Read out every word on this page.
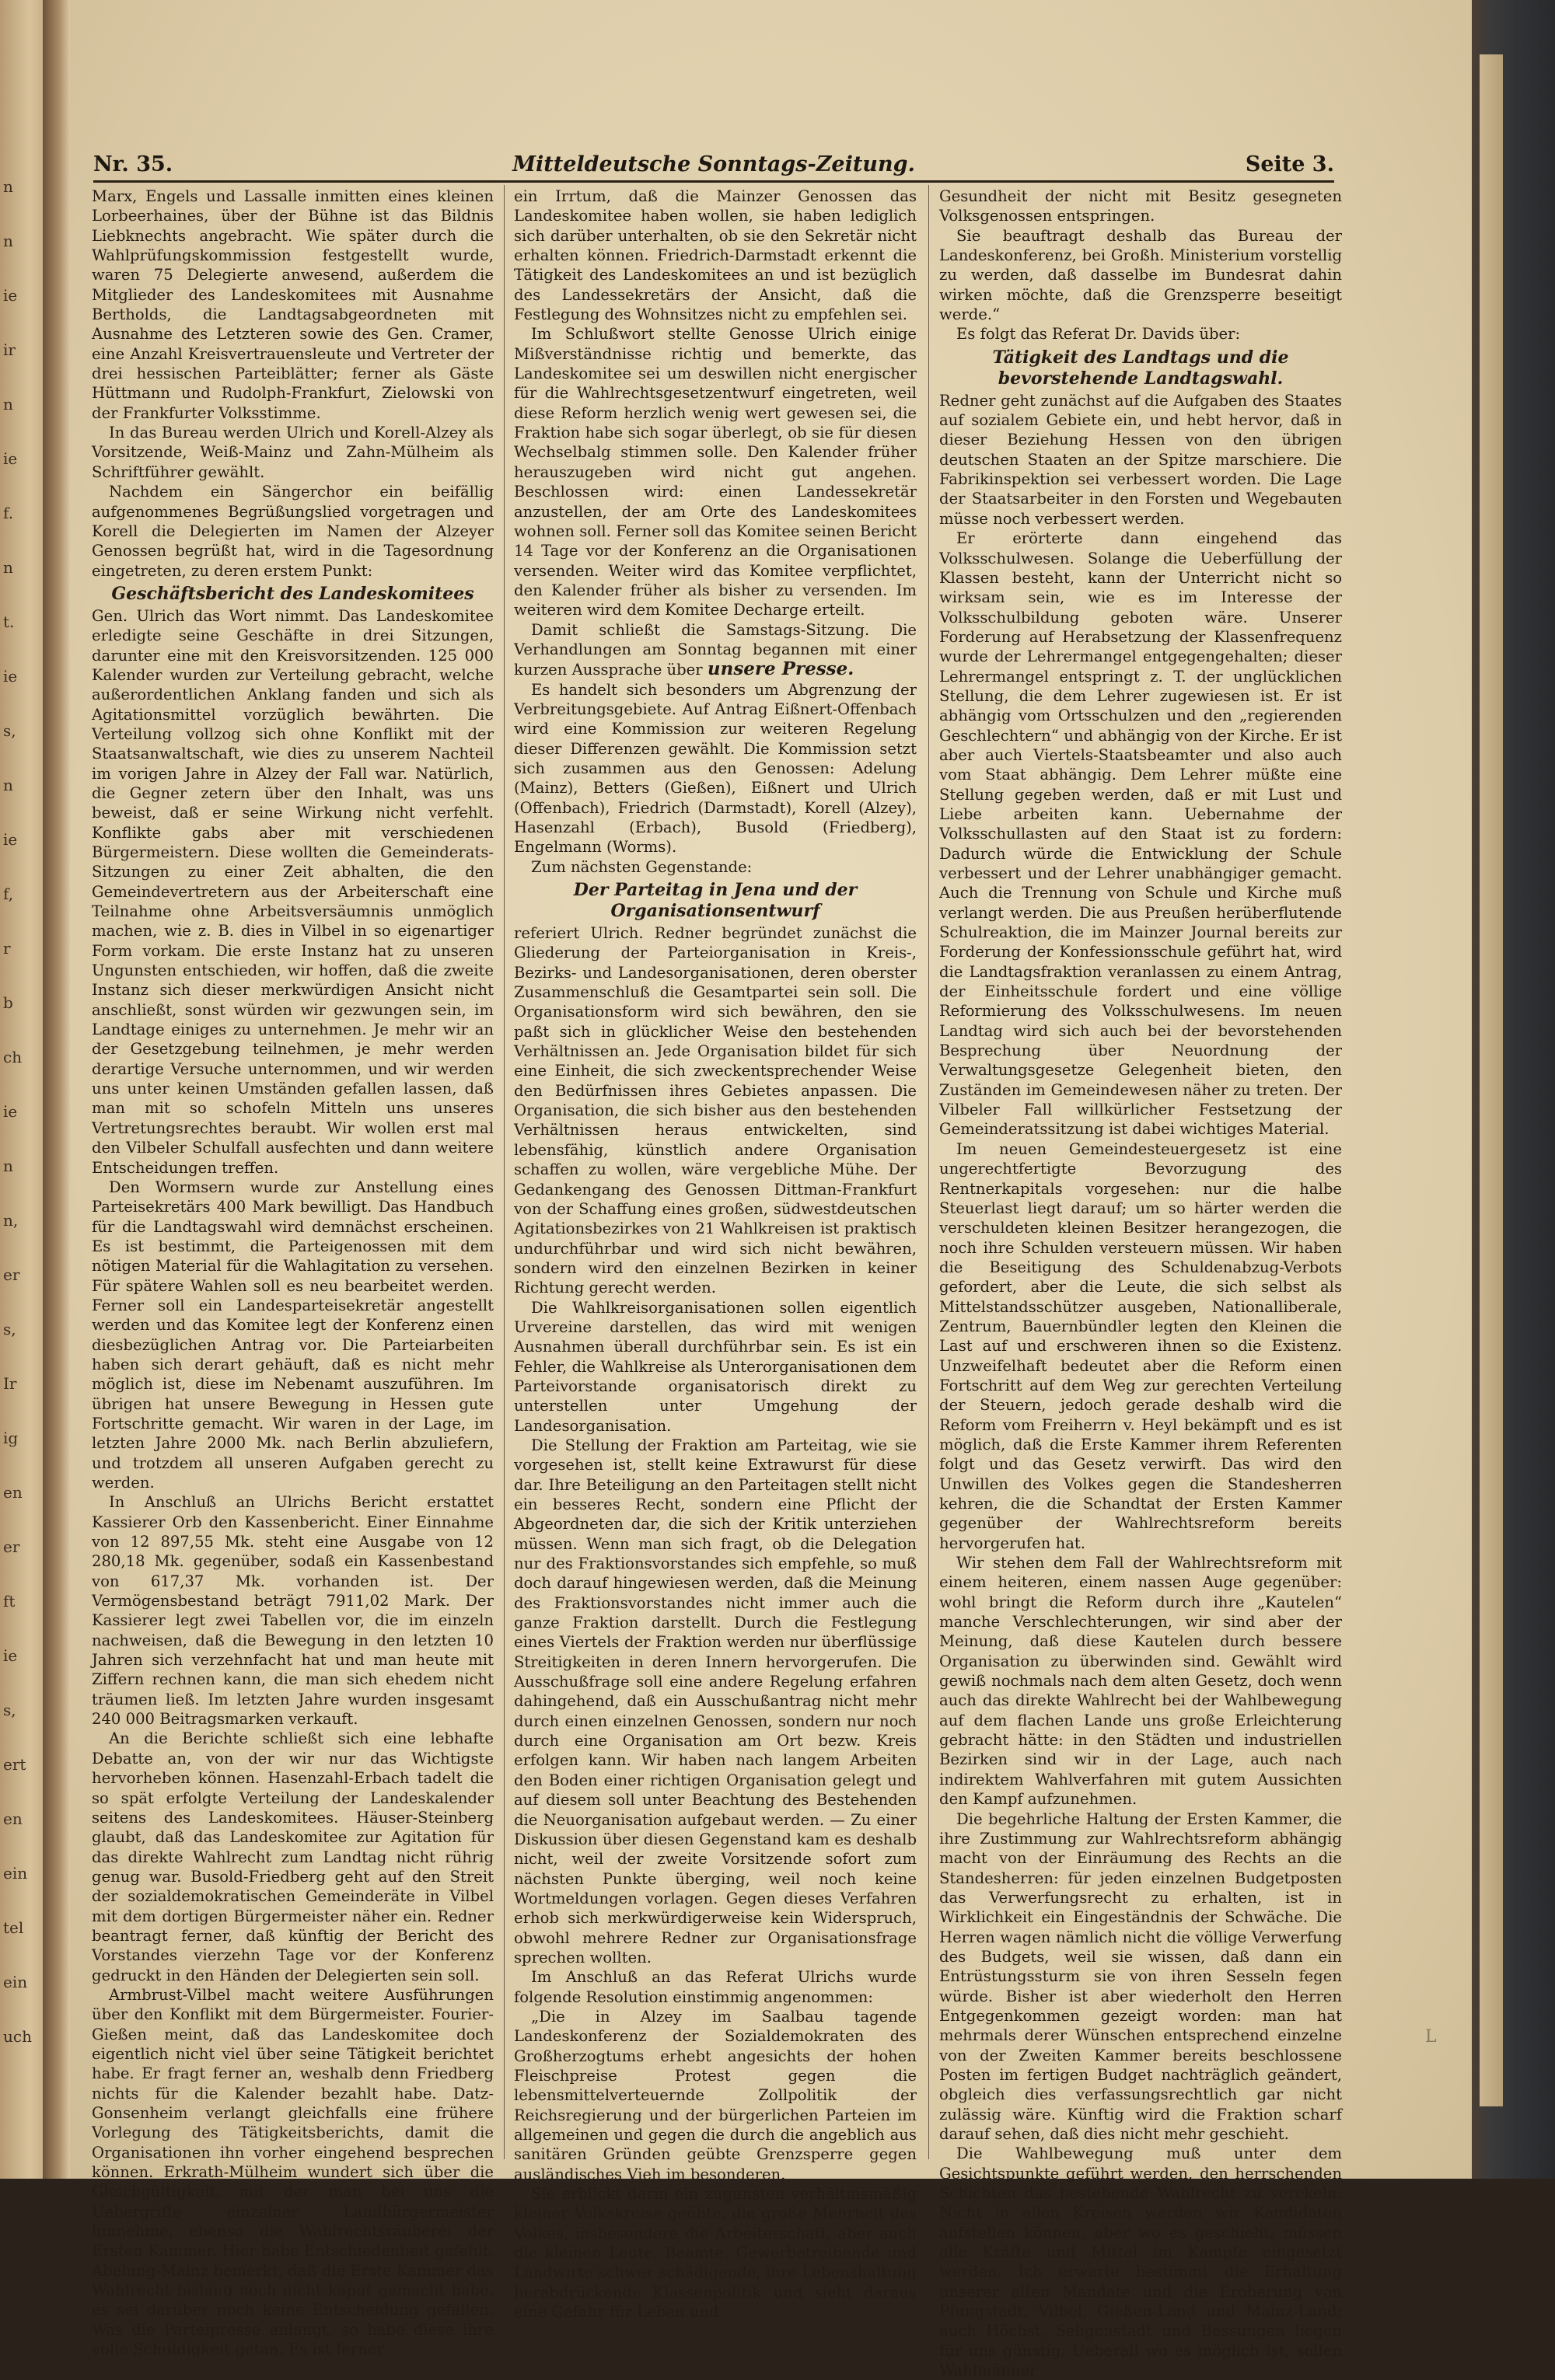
n
n
ie
ir
n
ie
f.
n
t.
ie
s,
n
ie
f,
r
b
ch
ie
n
n,
er
s,
Ir
ig
en
er
ft
ie
s,
ert
en
ein
tel
ein
uch
Nr. 35.	Mitteldeutsche Sonntags-Zeitung.	Seite 3.

Marx, Engels und Lassalle inmitten eines kleinen Lorbeerhaines, über der Bühne ist das Bildnis Liebknechts angebracht. Wie später durch die Wahlprüfungskommission festgestellt wurde, waren 75 Delegierte anwesend, außerdem die Mitglieder des Landeskomitees mit Ausnahme Bertholds, die Landtagsabgeordneten mit Ausnahme des Letzteren sowie des Gen. Cramer, eine Anzahl Kreisvertrauensleute und Vertreter der drei hessischen Parteiblätter; ferner als Gäste Hüttmann und Rudolph-Frankfurt, Zielowski von der Frankfurter Volksstimme.

In das Bureau werden Ulrich und Korell-Alzey als Vorsitzende, Weiß-Mainz und Zahn-Mülheim als Schriftführer gewählt.

Nachdem ein Sängerchor ein beifällig aufgenommenes Begrüßungslied vorgetragen und Korell die Delegierten im Namen der Alzeyer Genossen begrüßt hat, wird in die Tagesordnung eingetreten, zu deren erstem Punkt:

Geschäftsbericht des Landeskomitees

Gen. Ulrich das Wort nimmt. Das Landeskomitee erledigte seine Geschäfte in drei Sitzungen, darunter eine mit den Kreisvorsitzenden. 125 000 Kalender wurden zur Verteilung gebracht, welche außerordentlichen Anklang fanden und sich als Agitationsmittel vorzüglich bewährten. Die Verteilung vollzog sich ohne Konflikt mit der Staatsanwaltschaft, wie dies zu unserem Nachteil im vorigen Jahre in Alzey der Fall war. Natürlich, die Gegner zetern über den Inhalt, was uns beweist, daß er seine Wirkung nicht verfehlt. Konflikte gabs aber mit verschiedenen Bürgermeistern. Diese wollten die Gemeinderats-Sitzungen zu einer Zeit abhalten, die den Gemeindevertretern aus der Arbeiterschaft eine Teilnahme ohne Arbeitsversäumnis unmöglich machen, wie z. B. dies in Vilbel in so eigenartiger Form vorkam. Die erste Instanz hat zu unseren Ungunsten entschieden, wir hoffen, daß die zweite Instanz sich dieser merkwürdigen Ansicht nicht anschließt, sonst würden wir gezwungen sein, im Landtage einiges zu unternehmen. Je mehr wir an der Gesetzgebung teilnehmen, je mehr werden derartige Versuche unternommen, und wir werden uns unter keinen Umständen gefallen lassen, daß man mit so schofeln Mitteln uns unseres Vertretungsrechtes beraubt. Wir wollen erst mal den Vilbeler Schulfall ausfechten und dann weitere Entscheidungen treffen.

Den Wormsern wurde zur Anstellung eines Parteisekretärs 400 Mark bewilligt. Das Handbuch für die Landtagswahl wird demnächst erscheinen. Es ist bestimmt, die Parteigenossen mit dem nötigen Material für die Wahlagitation zu versehen. Für spätere Wahlen soll es neu bearbeitet werden. Ferner soll ein Landesparteisekretär angestellt werden und das Komitee legt der Konferenz einen diesbezüglichen Antrag vor. Die Parteiarbeiten haben sich derart gehäuft, daß es nicht mehr möglich ist, diese im Nebenamt auszuführen. Im übrigen hat unsere Bewegung in Hessen gute Fortschritte gemacht. Wir waren in der Lage, im letzten Jahre 2000 Mk. nach Berlin abzuliefern, und trotzdem all unseren Aufgaben gerecht zu werden.

In Anschluß an Ulrichs Bericht erstattet Kassierer Orb den Kassenbericht. Einer Einnahme von 12 897,55 Mk. steht eine Ausgabe von 12 280,18 Mk. gegenüber, sodaß ein Kassenbestand von 617,37 Mk. vorhanden ist. Der Vermögensbestand beträgt 7911,02 Mark. Der Kassierer legt zwei Tabellen vor, die im einzeln nachweisen, daß die Bewegung in den letzten 10 Jahren sich verzehnfacht hat und man heute mit Ziffern rechnen kann, die man sich ehedem nicht träumen ließ. Im letzten Jahre wurden insgesamt 240 000 Beitragsmarken verkauft.

An die Berichte schließt sich eine lebhafte Debatte an, von der wir nur das Wichtigste hervorheben können. Hasenzahl-Erbach tadelt die so spät erfolgte Verteilung der Landeskalender seitens des Landeskomitees. Häuser-Steinberg glaubt, daß das Landeskomitee zur Agitation für das direkte Wahlrecht zum Landtag nicht rührig genug war. Busold-Friedberg geht auf den Streit der sozialdemokratischen Gemeinderäte in Vilbel mit dem dortigen Bürgermeister näher ein. Redner beantragt ferner, daß künftig der Bericht des Vorstandes vierzehn Tage vor der Konferenz gedruckt in den Händen der Delegierten sein soll.

Armbrust-Vilbel macht weitere Ausführungen über den Konflikt mit dem Bürgermeister. Fourier-Gießen meint, daß das Landeskomitee doch eigentlich nicht viel über seine Tätigkeit berichtet habe. Er fragt ferner an, weshalb denn Friedberg nichts für die Kalender bezahlt habe. Datz-Gonsenheim verlangt gleichfalls eine frühere Vorlegung des Tätigkeitsberichts, damit die Organisationen ihn vorher eingehend besprechen können. Erkrath-Mülheim wundert sich über die Gleichgültigkeit, mit der man bei uns die Uebergriffe einzelner Landbürgermeister hinnehme, ebenso die Wahlrechtsräuberei der Ersten Kammer. Hier habe Entschiedenheit gefehlt. Abelung-Mainz bemerkt, daß die Erste Kammer das Wahlrecht bislang noch nicht kaput gemacht habe, es sei darüber noch keine Entscheidung gefallen. Was die Parteipresse anlangt, so habe diese ihre volle Schuldigkeit getan. Es ist ferner

ein Irrtum, daß die Mainzer Genossen das Landeskomitee haben wollen, sie haben lediglich sich darüber unterhalten, ob sie den Sekretär nicht erhalten können. Friedrich-Darmstadt erkennt die Tätigkeit des Landeskomitees an und ist bezüglich des Landessekretärs der Ansicht, daß die Festlegung des Wohnsitzes nicht zu empfehlen sei.

Im Schlußwort stellte Genosse Ulrich einige Mißverständnisse richtig und bemerkte, das Landeskomitee sei um deswillen nicht energischer für die Wahlrechtsgesetzentwurf eingetreten, weil diese Reform herzlich wenig wert gewesen sei, die Fraktion habe sich sogar überlegt, ob sie für diesen Wechselbalg stimmen solle. Den Kalender früher herauszugeben wird nicht gut angehen. Beschlossen wird: einen Landessekretär anzustellen, der am Orte des Landeskomitees wohnen soll. Ferner soll das Komitee seinen Bericht 14 Tage vor der Konferenz an die Organisationen versenden. Weiter wird das Komitee verpflichtet, den Kalender früher als bisher zu versenden. Im weiteren wird dem Komitee Decharge erteilt.

Damit schließt die Samstags-Sitzung. Die Verhandlungen am Sonntag begannen mit einer kurzen Aussprache über unsere Presse.

Es handelt sich besonders um Abgrenzung der Verbreitungsgebiete. Auf Antrag Eißnert-Offenbach wird eine Kommission zur weiteren Regelung dieser Differenzen gewählt. Die Kommission setzt sich zusammen aus den Genossen: Adelung (Mainz), Betters (Gießen), Eißnert und Ulrich (Offenbach), Friedrich (Darmstadt), Korell (Alzey), Hasenzahl (Erbach), Busold (Friedberg), Engelmann (Worms).

Zum nächsten Gegenstande:

Der Parteitag in Jena und der Organisationsentwurf

referiert Ulrich. Redner begründet zunächst die Gliederung der Parteiorganisation in Kreis-, Bezirks- und Landesorganisationen, deren oberster Zusammenschluß die Gesamtpartei sein soll. Die Organisationsform wird sich bewähren, den sie paßt sich in glücklicher Weise den bestehenden Verhältnissen an. Jede Organisation bildet für sich eine Einheit, die sich zweckentsprechender Weise den Bedürfnissen ihres Gebietes anpassen. Die Organisation, die sich bisher aus den bestehenden Verhältnissen heraus entwickelten, sind lebensfähig, künstlich andere Organisation schaffen zu wollen, wäre vergebliche Mühe. Der Gedankengang des Genossen Dittman-Frankfurt von der Schaffung eines großen, südwestdeutschen Agitationsbezirkes von 21 Wahlkreisen ist praktisch undurchführbar und wird sich nicht bewähren, sondern wird den einzelnen Bezirken in keiner Richtung gerecht werden.

Die Wahlkreisorganisationen sollen eigentlich Urvereine darstellen, das wird mit wenigen Ausnahmen überall durchführbar sein. Es ist ein Fehler, die Wahlkreise als Unterorganisationen dem Parteivorstande organisatorisch direkt zu unterstellen unter Umgehung der Landesorganisation.

Die Stellung der Fraktion am Parteitag, wie sie vorgesehen ist, stellt keine Extrawurst für diese dar. Ihre Beteiligung an den Parteitagen stellt nicht ein besseres Recht, sondern eine Pflicht der Abgeordneten dar, die sich der Kritik unterziehen müssen. Wenn man sich fragt, ob die Delegation nur des Fraktionsvorstandes sich empfehle, so muß doch darauf hingewiesen werden, daß die Meinung des Fraktionsvorstandes nicht immer auch die ganze Fraktion darstellt. Durch die Festlegung eines Viertels der Fraktion werden nur überflüssige Streitigkeiten in deren Innern hervorgerufen. Die Ausschußfrage soll eine andere Regelung erfahren dahingehend, daß ein Ausschußantrag nicht mehr durch einen einzelnen Genossen, sondern nur noch durch eine Organisation am Ort bezw. Kreis erfolgen kann. Wir haben nach langem Arbeiten den Boden einer richtigen Organisation gelegt und auf diesem soll unter Beachtung des Bestehenden die Neuorganisation aufgebaut werden. — Zu einer Diskussion über diesen Gegenstand kam es deshalb nicht, weil der zweite Vorsitzende sofort zum nächsten Punkte überging, weil noch keine Wortmeldungen vorlagen. Gegen dieses Verfahren erhob sich merkwürdigerweise kein Widerspruch, obwohl mehrere Redner zur Organisationsfrage sprechen wollten.

Im Anschluß an das Referat Ulrichs wurde folgende Resolution einstimmig angenommen:

„Die in Alzey im Saalbau tagende Landeskonferenz der Sozialdemokraten des Großherzogtums erhebt angesichts der hohen Fleischpreise Protest gegen die lebensmittelverteuernde Zollpolitik der Reichsregierung und der bürgerlichen Parteien im allgemeinen und gegen die durch die angeblich aus sanitären Gründen geübte Grenzsperre gegen ausländisches Vieh im besonderen.

Sie erblickt darin ein zugunsten verhältnismäßig kleiner Volkskreise geübte, die große Mehrheit des Volkes, insbesondere die Arbeiterschaft, aber auch die kleinen Leute, Beamte, Gewerbetreibende und Landwirte schwer schädigende, ihre Lebenshaltung herabdrückende Klassenpolitik und sieht daraus eine Gefahr für Leben und

Gesundheit der nicht mit Besitz gesegneten Volksgenossen entspringen.

Sie beauftragt deshalb das Bureau der Landeskonferenz, bei Großh. Ministerium vorstellig zu werden, daß dasselbe im Bundesrat dahin wirken möchte, daß die Grenzsperre beseitigt werde.“

Es folgt das Referat Dr. Davids über:

Tätigkeit des Landtags und die bevorstehende Landtagswahl.

Redner geht zunächst auf die Aufgaben des Staates auf sozialem Gebiete ein, und hebt hervor, daß in dieser Beziehung Hessen von den übrigen deutschen Staaten an der Spitze marschiere. Die Fabrikinspektion sei verbessert worden. Die Lage der Staatsarbeiter in den Forsten und Wegebauten müsse noch verbessert werden.

Er erörterte dann eingehend das Volksschulwesen. Solange die Ueberfüllung der Klassen besteht, kann der Unterricht nicht so wirksam sein, wie es im Interesse der Volksschulbildung geboten wäre. Unserer Forderung auf Herabsetzung der Klassenfrequenz wurde der Lehrermangel entgegengehalten; dieser Lehrermangel entspringt z. T. der unglücklichen Stellung, die dem Lehrer zugewiesen ist. Er ist abhängig vom Ortsschulzen und den „regierenden Geschlechtern“ und abhängig von der Kirche. Er ist aber auch Viertels-Staatsbeamter und also auch vom Staat abhängig. Dem Lehrer müßte eine Stellung gegeben werden, daß er mit Lust und Liebe arbeiten kann. Uebernahme der Volksschullasten auf den Staat ist zu fordern: Dadurch würde die Entwicklung der Schule verbessert und der Lehrer unabhängiger gemacht. Auch die Trennung von Schule und Kirche muß verlangt werden. Die aus Preußen herüberflutende Schulreaktion, die im Mainzer Journal bereits zur Forderung der Konfessionsschule geführt hat, wird die Landtagsfraktion veranlassen zu einem Antrag, der Einheitsschule fordert und eine völlige Reformierung des Volksschulwesens. Im neuen Landtag wird sich auch bei der bevorstehenden Besprechung über Neuordnung der Verwaltungsgesetze Gelegenheit bieten, den Zuständen im Gemeindewesen näher zu treten. Der Vilbeler Fall willkürlicher Festsetzung der Gemeinderatssitzung ist dabei wichtiges Material.

Im neuen Gemeindesteuergesetz ist eine ungerechtfertigte Bevorzugung des Rentnerkapitals vorgesehen: nur die halbe Steuerlast liegt darauf; um so härter werden die verschuldeten kleinen Besitzer herangezogen, die noch ihre Schulden versteuern müssen. Wir haben die Beseitigung des Schuldenabzug-Verbots gefordert, aber die Leute, die sich selbst als Mittelstandsschützer ausgeben, Nationalliberale, Zentrum, Bauernbündler legten den Kleinen die Last auf und erschweren ihnen so die Existenz. Unzweifelhaft bedeutet aber die Reform einen Fortschritt auf dem Weg zur gerechten Verteilung der Steuern, jedoch gerade deshalb wird die Reform vom Freiherrn v. Heyl bekämpft und es ist möglich, daß die Erste Kammer ihrem Referenten folgt und das Gesetz verwirft. Das wird den Unwillen des Volkes gegen die Standesherren kehren, die die Schandtat der Ersten Kammer gegenüber der Wahlrechtsreform bereits hervorgerufen hat.

Wir stehen dem Fall der Wahlrechtsreform mit einem heiteren, einem nassen Auge gegenüber: wohl bringt die Reform durch ihre „Kautelen“ manche Verschlechterungen, wir sind aber der Meinung, daß diese Kautelen durch bessere Organisation zu überwinden sind. Gewählt wird gewiß nochmals nach dem alten Gesetz, doch wenn auch das direkte Wahlrecht bei der Wahlbewegung auf dem flachen Lande uns große Erleichterung gebracht hätte: in den Städten und industriellen Bezirken sind wir in der Lage, auch nach indirektem Wahlverfahren mit gutem Aussichten den Kampf aufzunehmen.

Die begehrliche Haltung der Ersten Kammer, die ihre Zustimmung zur Wahlrechtsreform abhängig macht von der Einräumung des Rechts an die Standesherren: für jeden einzelnen Budgetposten das Verwerfungsrecht zu erhalten, ist in Wirklichkeit ein Eingeständnis der Schwäche. Die Herren wagen nämlich nicht die völlige Verwerfung des Budgets, weil sie wissen, daß dann ein Entrüstungssturm sie von ihren Sesseln fegen würde. Bisher ist aber wiederholt den Herren Entgegenkommen gezeigt worden: man hat mehrmals derer Wünschen entsprechend einzelne von der Zweiten Kammer bereits beschlossene Posten im fertigen Budget nachträglich geändert, obgleich dies verfassungsrechtlich gar nicht zulässig wäre. Künftig wird die Fraktion scharf darauf sehen, daß dies nicht mehr geschieht.

Die Wahlbewegung muß unter dem Gesichtspunkte geführt werden, den herrschenden Schichten das bestehende Wahlrecht zu verekeln. Nicht in allen Kreisen werden wir Kandidaten aufstellen können, aber wo es geschieht, müssen alle Kräfte und Mittel im Kampfe eingesetzt werden. Ich erwarte bestimmt die Erhaltung unserer alten Mandate und die Eroberung von Pfungstadt, Vilbel, Gießen-Land und Mainz-Land; auch Höchst, Seligenstadt und Bessungen liegen für uns günstig. Ueberall wo es möglich ist, sollen Wahlmänner

L
